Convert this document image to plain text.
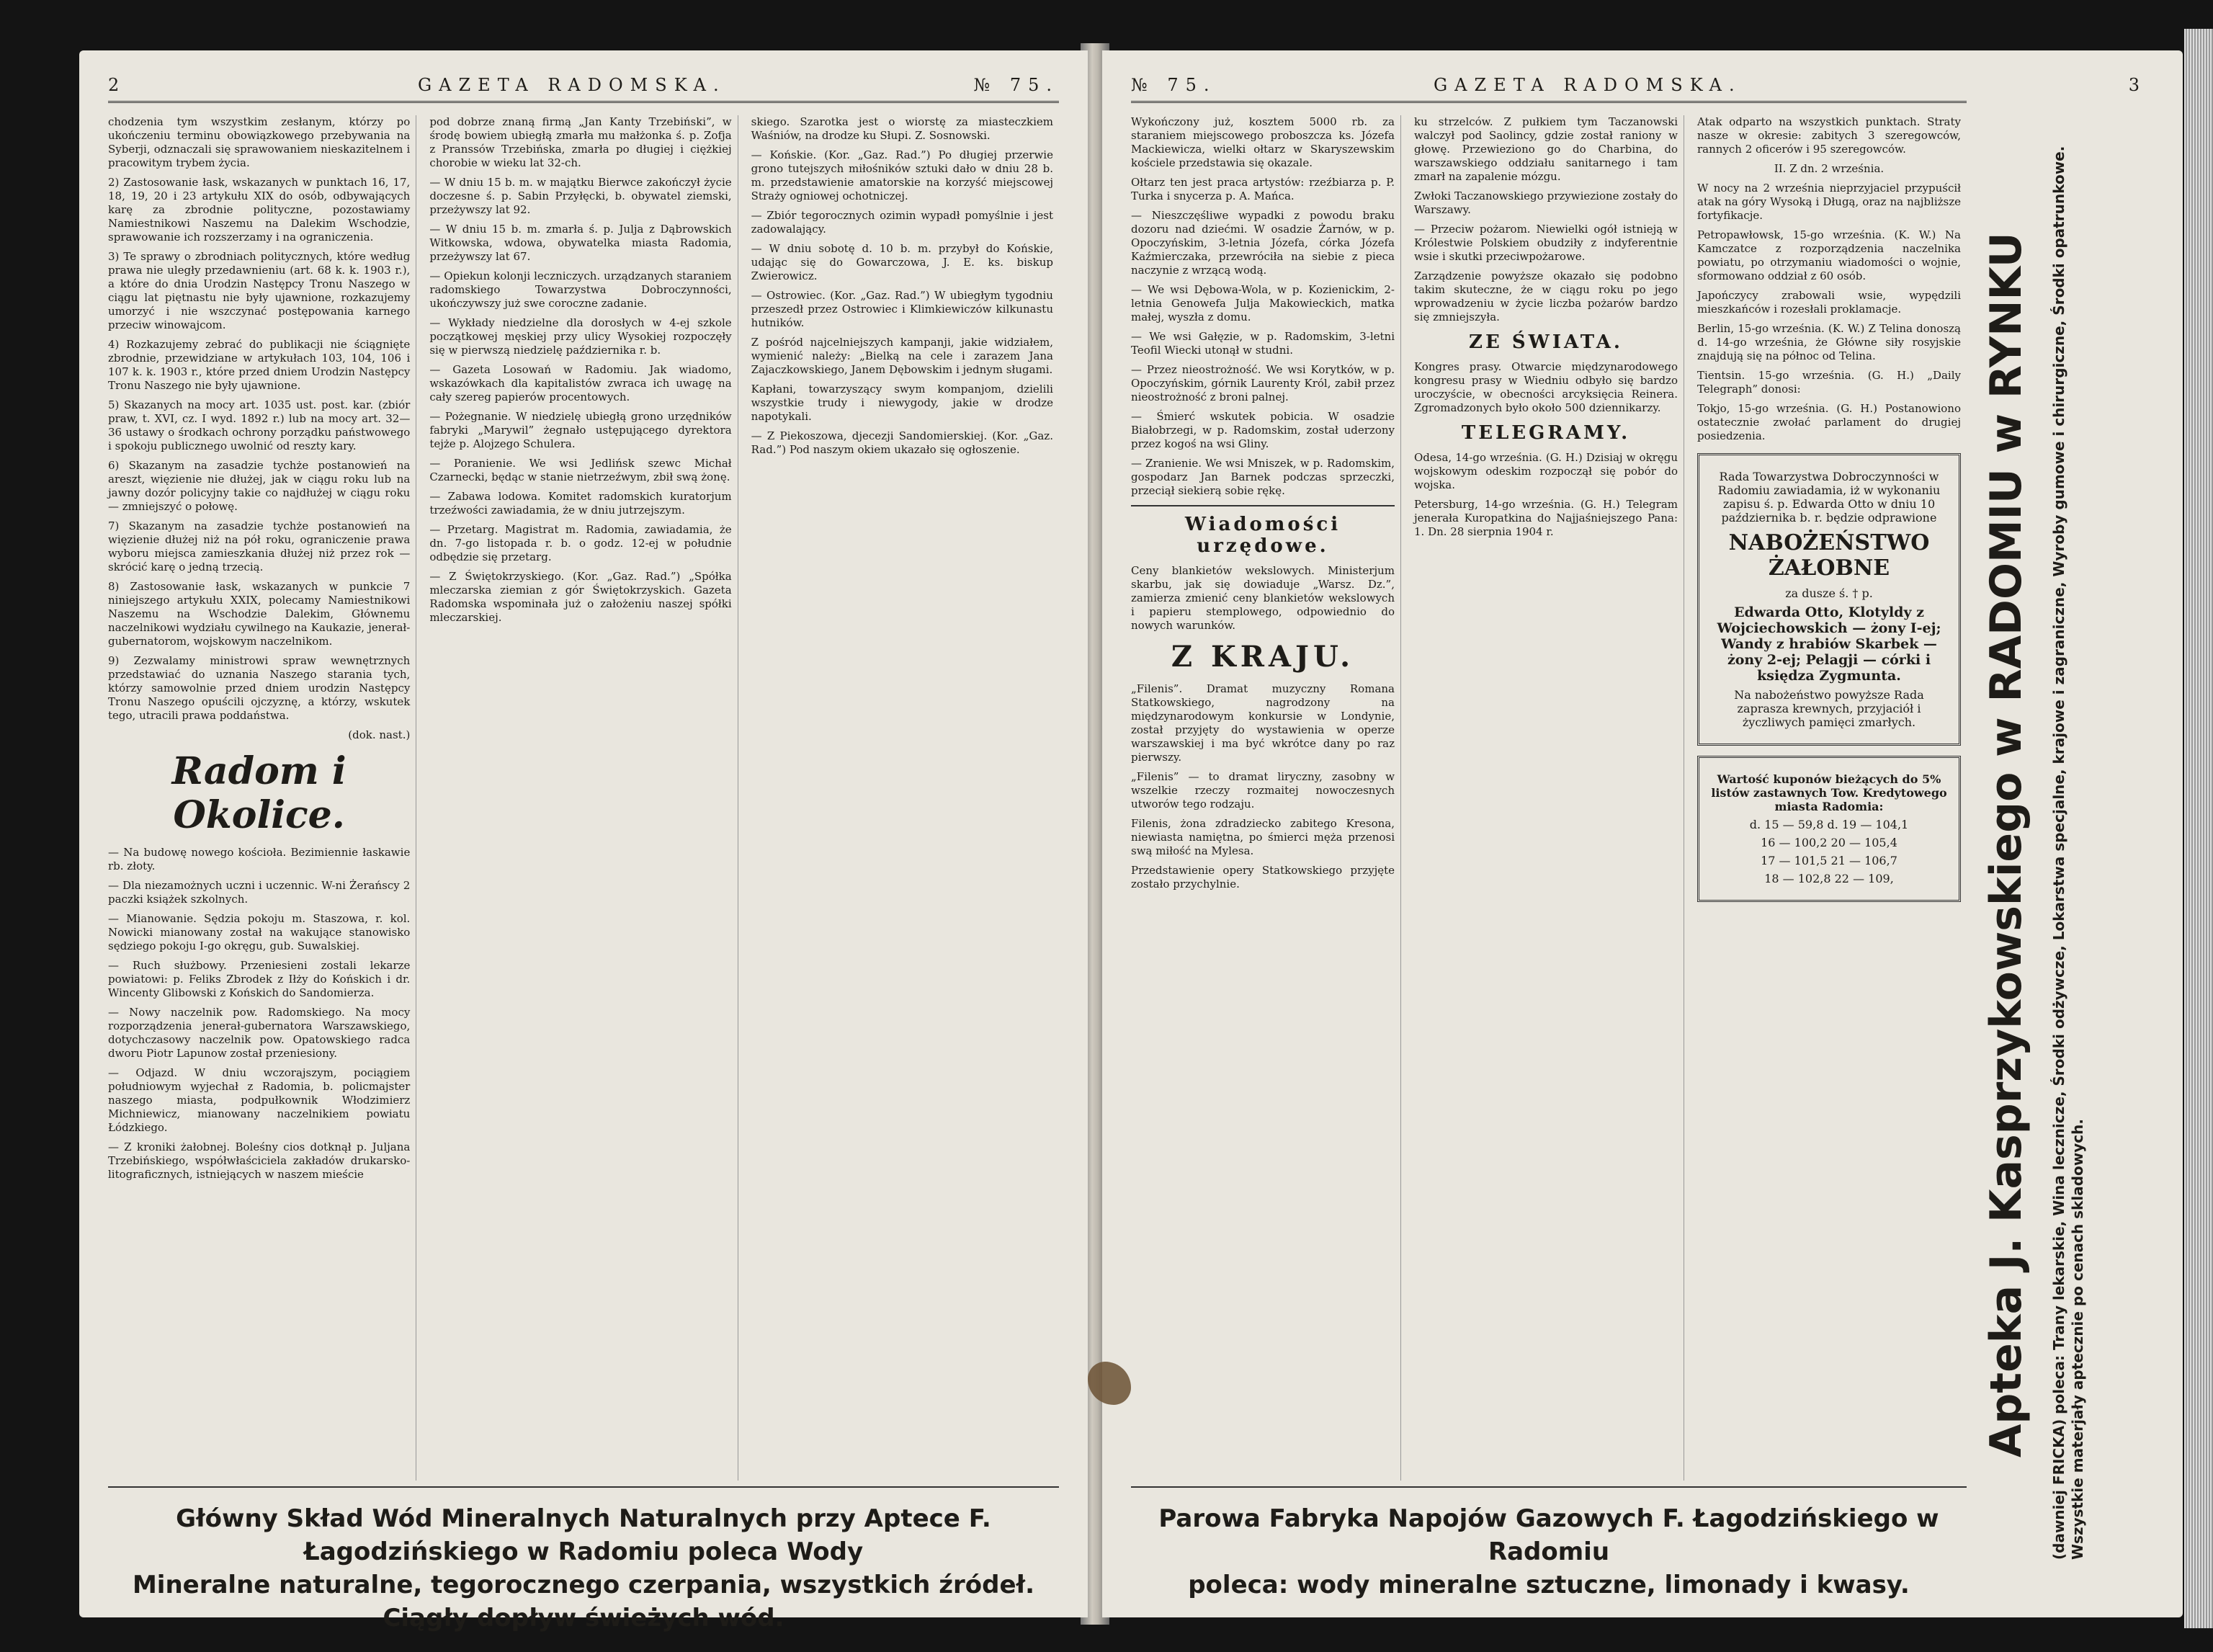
2	GAZETA RADOMSKA.	№ 75.

chodzenia tym wszystkim zesłanym, którzy po ukończeniu terminu obowiązkowego przebywania na Syberji, odznaczali się sprawowaniem nieskazitelnem i pracowitym trybem życia.

2) Zastosowanie łask, wskazanych w punktach 16, 17, 18, 19, 20 i 23 artykułu XIX do osób, odbywających karę za zbrodnie polityczne, pozostawiamy Namiestnikowi Naszemu na Dalekim Wschodzie, sprawowanie ich rozszerzamy i na ograniczenia.

3) Te sprawy o zbrodniach politycznych, które według prawa nie uległy przedawnieniu (art. 68 k. k. 1903 r.), a które do dnia Urodzin Następcy Tronu Naszego w ciągu lat piętnastu nie były ujawnione, rozkazujemy umorzyć i nie wszczynać postępowania karnego przeciw winowajcom.

4) Rozkazujemy zebrać do publikacji nie ściągnięte zbrodnie, przewidziane w artykułach 103, 104, 106 i 107 k. k. 1903 r., które przed dniem Urodzin Następcy Tronu Naszego nie były ujawnione.

5) Skazanych na mocy art. 1035 ust. post. kar. (zbiór praw, t. XVI, cz. I wyd. 1892 r.) lub na mocy art. 32—36 ustawy o środkach ochrony porządku państwowego i spokoju publicznego uwolnić od reszty kary.

6) Skazanym na zasadzie tychże postanowień na areszt, więzienie nie dłużej, jak w ciągu roku lub na jawny dozór policyjny takie co najdłużej w ciągu roku — zmniejszyć o połowę.

7) Skazanym na zasadzie tychże postanowień na więzienie dłużej niż na pół roku, ograniczenie prawa wyboru miejsca zamieszkania dłużej niż przez rok — skrócić karę o jedną trzecią.

8) Zastosowanie łask, wskazanych w punkcie 7 niniejszego artykułu XXIX, polecamy Namiestnikowi Naszemu na Wschodzie Dalekim, Głównemu naczelnikowi wydziału cywilnego na Kaukazie, jenerał-gubernatorom, wojskowym naczelnikom.

9) Zezwalamy ministrowi spraw wewnętrznych przedstawiać do uznania Naszego starania tych, którzy samowolnie przed dniem urodzin Następcy Tronu Naszego opuścili ojczyznę, a którzy, wskutek tego, utracili prawa poddaństwa.

(dok. nast.)

Radom i Okolice.

— Na budowę nowego kościoła. Bezimiennie łaskawie rb. złoty.

— Dla niezamożnych uczni i uczennic. W-ni Żerańscy 2 paczki książek szkolnych.

— Mianowanie. Sędzia pokoju m. Staszowa, r. kol. Nowicki mianowany został na wakujące stanowisko sędziego pokoju I-go okręgu, gub. Suwalskiej.

— Ruch służbowy. Przeniesieni zostali lekarze powiatowi: p. Feliks Zbrodek z Iłży do Końskich i dr. Wincenty Glibowski z Końskich do Sandomierza.

— Nowy naczelnik pow. Radomskiego. Na mocy rozporządzenia jenerał-gubernatora Warszawskiego, dotychczasowy naczelnik pow. Opatowskiego radca dworu Piotr Lapunow został przeniesiony.

— Odjazd. W dniu wczorajszym, pociągiem południowym wyjechał z Radomia, b. policmajster naszego miasta, podpułkownik Włodzimierz Michniewicz, mianowany naczelnikiem powiatu Łódzkiego.

— Z kroniki żałobnej. Boleśny cios dotknął p. Juljana Trzebińskiego, współwłaściciela zakładów drukarsko-litograficznych, istniejących w naszem mieście

pod dobrze znaną firmą „Jan Kanty Trzebiński”, w środę bowiem ubiegłą zmarła mu małżonka ś. p. Zofja z Pranssów Trzebińska, zmarła po długiej i ciężkiej chorobie w wieku lat 32-ch.

— W dniu 15 b. m. w majątku Bierwce zakończył życie doczesne ś. p. Sabin Przyłęcki, b. obywatel ziemski, przeżywszy lat 92.

— W dniu 15 b. m. zmarła ś. p. Julja z Dąbrowskich Witkowska, wdowa, obywatelka miasta Radomia, przeżywszy lat 67.

— Opiekun kolonji leczniczych. urządzanych staraniem radomskiego Towarzystwa Dobroczynności, ukończywszy już swe coroczne zadanie.

— Wykłady niedzielne dla dorosłych w 4-ej szkole początkowej męskiej przy ulicy Wysokiej rozpoczęły się w pierwszą niedzielę października r. b.

— Gazeta Losowań w Radomiu. Jak wiadomo, wskazówkach dla kapitalistów zwraca ich uwagę na cały szereg papierów procentowych.

— Pożegnanie. W niedzielę ubiegłą grono urzędników fabryki „Marywil” żegnało ustępującego dyrektora tejże p. Alojzego Schulera.

— Poranienie. We wsi Jedlińsk szewc Michał Czarnecki, będąc w stanie nietrzeźwym, zbił swą żonę.

— Zabawa lodowa. Komitet radomskich kuratorjum trzeźwości zawiadamia, że w dniu jutrzejszym.

— Przetarg. Magistrat m. Radomia, zawiadamia, że dn. 7-go listopada r. b. o godz. 12-ej w południe odbędzie się przetarg.

— Z Świętokrzyskiego. (Kor. „Gaz. Rad.”) „Spółka mleczarska ziemian z gór Świętokrzyskich. Gazeta Radomska wspominała już o założeniu naszej spółki mleczarskiej.

skiego. Szarotka jest o wiorstę za miasteczkiem Waśniów, na drodze ku Słupi. Z. Sosnowski.

— Końskie. (Kor. „Gaz. Rad.”) Po długiej przerwie grono tutejszych miłośników sztuki dało w dniu 28 b. m. przedstawienie amatorskie na korzyść miejscowej Straży ogniowej ochotniczej.

— Zbiór tegorocznych ozimin wypadł pomyślnie i jest zadowalający.

— W dniu sobotę d. 10 b. m. przybył do Końskie, udając się do Gowarczowa, J. E. ks. biskup Zwierowicz.

— Ostrowiec. (Kor. „Gaz. Rad.”) W ubiegłym tygodniu przeszedł przez Ostrowiec i Klimkiewiczów kilkunastu hutników.

Z pośród najcelniejszych kampanji, jakie widziałem, wymienić należy: „Bielką na cele i zarazem Jana Zajaczkowskiego, Janem Dębowskim i jednym sługami.

Kapłani, towarzyszący swym kompanjom, dzielili wszystkie trudy i niewygody, jakie w drodze napotykali.

— Z Piekoszowa, djecezji Sandomierskiej. (Kor. „Gaz. Rad.”) Pod naszym okiem ukazało się ogłoszenie.

Główny Skład Wód Mineralnych Naturalnych przy Aptece F. Łagodzińskiego w Radomiu poleca Wody
Mineralne naturalne, tegorocznego czerpania, wszystkich źródeł. Ciągły dopływ świeżych wód.
№ 75.	GAZETA RADOMSKA.	3

Wykończony już, kosztem 5000 rb. za staraniem miejscowego proboszcza ks. Józefa Mackiewicza, wielki ołtarz w Skaryszewskim kościele przedstawia się okazale.

Ołtarz ten jest praca artystów: rzeźbiarza p. P. Turka i snycerza p. A. Mańca.

— Nieszczęśliwe wypadki z powodu braku dozoru nad dziećmi. W osadzie Żarnów, w p. Opoczyńskim, 3-letnia Józefa, córka Józefa Kaźmierczaka, przewróciła na siebie z pieca naczynie z wrzącą wodą.

— We wsi Dębowa-Wola, w p. Kozienickim, 2-letnia Genowefa Julja Makowieckich, matka małej, wyszła z domu.

— We wsi Gałęzie, w p. Radomskim, 3-letni Teofil Wiecki utonął w studni.

— Przez nieostrożność. We wsi Korytków, w p. Opoczyńskim, górnik Laurenty Król, zabił przez nieostrożność z broni palnej.

— Śmierć wskutek pobicia. W osadzie Białobrzegi, w p. Radomskim, został uderzony przez kogoś na wsi Gliny.

— Zranienie. We wsi Mniszek, w p. Radomskim, gospodarz Jan Barnek podczas sprzeczki, przeciął siekierą sobie rękę.

Wiadomości urzędowe.

Ceny blankietów wekslowych. Ministerjum skarbu, jak się dowiaduje „Warsz. Dz.”, zamierza zmienić ceny blankietów wekslowych i papieru stemplowego, odpowiednio do nowych warunków.

Z KRAJU.

„Filenis”. Dramat muzyczny Romana Statkowskiego, nagrodzony na międzynarodowym konkursie w Londynie, został przyjęty do wystawienia w operze warszawskiej i ma być wkrótce dany po raz pierwszy.

„Filenis” — to dramat liryczny, zasobny w wszelkie rzeczy rozmaitej nowoczesnych utworów tego rodzaju.

Filenis, żona zdradziecko zabitego Kresona, niewiasta namiętna, po śmierci męża przenosi swą miłość na Mylesa.

Przedstawienie opery Statkowskiego przyjęte zostało przychylnie.

ku strzelców. Z pułkiem tym Taczanowski walczył pod Saolincy, gdzie został raniony w głowę. Przewieziono go do Charbina, do warszawskiego oddziału sanitarnego i tam zmarł na zapalenie mózgu.

Zwłoki Taczanowskiego przywiezione zostały do Warszawy.

— Przeciw pożarom. Niewielki ogół istnieją w Królestwie Polskiem obudziły z indyferentnie wsie i skutki przeciwpożarowe.

Zarządzenie powyższe okazało się podobno takim skuteczne, że w ciągu roku po jego wprowadzeniu w życie liczba pożarów bardzo się zmniejszyła.

ZE ŚWIATA.

Kongres prasy. Otwarcie międzynarodowego kongresu prasy w Wiedniu odbyło się bardzo uroczyście, w obecności arcyksięcia Reinera. Zgromadzonych było około 500 dziennikarzy.

TELEGRAMY.

Odesa, 14-go września. (G. H.) Dzisiaj w okręgu wojskowym odeskim rozpoczął się pobór do wojska.

Petersburg, 14-go września. (G. H.) Telegram jenerała Kuropatkina do Najjaśniejszego Pana: 1. Dn. 28 sierpnia 1904 r.

Atak odparto na wszystkich punktach. Straty nasze w okresie: zabitych 3 szeregowców, rannych 2 oficerów i 95 szeregowców.

II. Z dn. 2 września.

W nocy na 2 września nieprzyjaciel przypuścił atak na góry Wysoką i Długą, oraz na najbliższe fortyfikacje.

Petropawłowsk, 15-go września. (K. W.) Na Kamczatce z rozporządzenia naczelnika powiatu, po otrzymaniu wiadomości o wojnie, sformowano oddział z 60 osób.

Japończycy zrabowali wsie, wypędzili mieszkańców i rozesłali proklamacje.

Berlin, 15-go września. (K. W.) Z Telina donoszą d. 14-go września, że Główne siły rosyjskie znajdują się na północ od Telina.

Tientsin. 15-go września. (G. H.) „Daily Telegraph” donosi:

Tokjo, 15-go września. (G. H.) Postanowiono ostatecznie zwołać parlament do drugiej posiedzenia.

Rada Towarzystwa Dobroczynności w Radomiu zawiadamia, iż w wykonaniu zapisu ś. p. Edwarda Otto w dniu 10 października b. r. będzie odprawione

NABOŻEŃSTWO ŻAŁOBNE

za dusze ś. † p.

Edwarda Otto, Klotyldy z Wojciechowskich — żony I-ej; Wandy z hrabiów Skarbek — żony 2-ej; Pelagji — córki i księdza Zygmunta.

Na nabożeństwo powyższe Rada zaprasza krewnych, przyjaciół i życzliwych pamięci zmarłych.

Wartość kuponów bieżących do 5% listów zastawnych Tow. Kredytowego miasta Radomia:

d. 15 — 59,8 d. 19 — 104,1

16 — 100,2 20 — 105,4

17 — 101,5 21 — 106,7

18 — 102,8 22 — 109,	Apteka J. Kasprzykowskiego w RADOMIU w RYNKU (dawniej FRICKA) poleca: Trany lekarskie, Wina lecznicze, Środki odżywcze, Lokarstwa specjalne, krajowe i zagraniczne, Wyroby gumowe i chirurgiczne, Środki opatrunkowe. Wszystkie materjały aptecznie po cenach skladowych.
Parowa Fabryka Napojów Gazowych F. Łagodzińskiego w Radomiu
poleca: wody mineralne sztuczne, limonady i kwasy.
